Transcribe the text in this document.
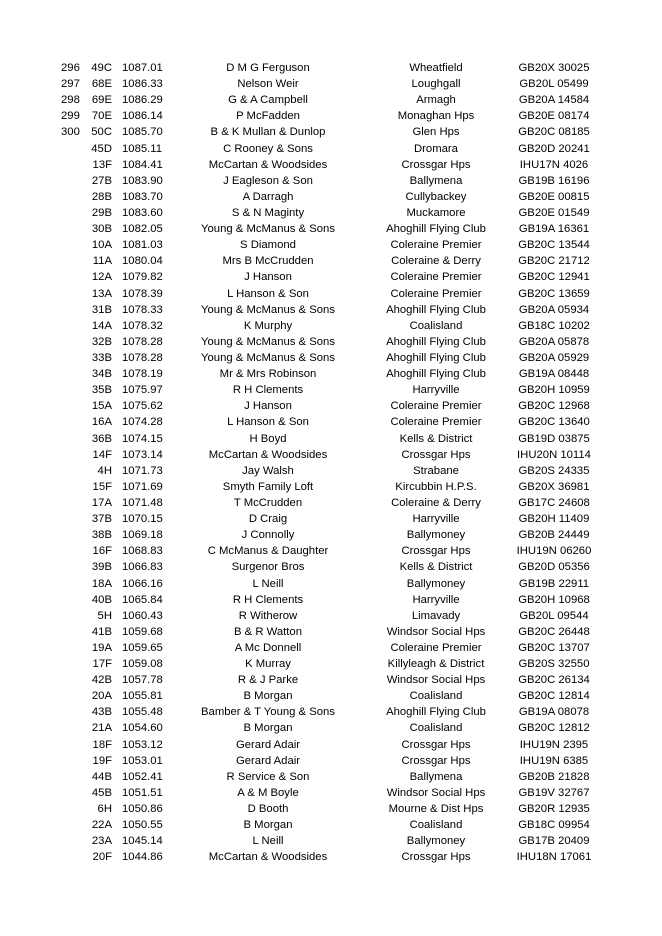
296 49C 1087.01	D M G Ferguson	Wheatfield	GB20X 30025
297 68E 1086.33	Nelson Weir	Loughgall	GB20L 05499
298 69E 1086.29	G & A Campbell	Armagh	GB20A 14584
299 70E 1086.14	P McFadden	Monaghan Hps	GB20E 08174
300 50C 1085.70	B & K Mullan & Dunlop	Glen Hps	GB20C 08185
45D 1085.11	C Rooney & Sons	Dromara	GB20D 20241
13F 1084.41	McCartan & Woodsides	Crossgar Hps	IHU17N 4026
27B 1083.90	J Eagleson & Son	Ballymena	GB19B 16196
28B 1083.70	A Darragh	Cullybackey	GB20E 00815
29B 1083.60	S & N Maginty	Muckamore	GB20E 01549
30B 1082.05	Young & McManus & Sons	Ahoghill Flying Club	GB19A 16361
10A 1081.03	S Diamond	Coleraine Premier	GB20C 13544
11A 1080.04	Mrs B McCrudden	Coleraine & Derry	GB20C 21712
12A 1079.82	J Hanson	Coleraine Premier	GB20C 12941
13A 1078.39	L Hanson & Son	Coleraine Premier	GB20C 13659
31B 1078.33	Young & McManus & Sons	Ahoghill Flying Club	GB20A 05934
14A 1078.32	K Murphy	Coalisland	GB18C 10202
32B 1078.28	Young & McManus & Sons	Ahoghill Flying Club	GB20A 05878
33B 1078.28	Young & McManus & Sons	Ahoghill Flying Club	GB20A 05929
34B 1078.19	Mr & Mrs Robinson	Ahoghill Flying Club	GB19A 08448
35B 1075.97	R H Clements	Harryville	GB20H 10959
15A 1075.62	J Hanson	Coleraine Premier	GB20C 12968
16A 1074.28	L Hanson & Son	Coleraine Premier	GB20C 13640
36B 1074.15	H Boyd	Kells & District	GB19D 03875
14F 1073.14	McCartan & Woodsides	Crossgar Hps	IHU20N 10114
4H 1071.73	Jay Walsh	Strabane	GB20S 24335
15F 1071.69	Smyth Family Loft	Kircubbin H.P.S.	GB20X 36981
17A 1071.48	T McCrudden	Coleraine & Derry	GB17C 24608
37B 1070.15	D Craig	Harryville	GB20H 11409
38B 1069.18	J Connolly	Ballymoney	GB20B 24449
16F 1068.83	C McManus & Daughter	Crossgar Hps	IHU19N 06260
39B 1066.83	Surgenor Bros	Kells & District	GB20D 05356
18A 1066.16	L Neill	Ballymoney	GB19B 22911
40B 1065.84	R H Clements	Harryville	GB20H 10968
5H 1060.43	R Witherow	Limavady	GB20L 09544
41B 1059.68	B & R Watton	Windsor Social Hps	GB20C 26448
19A 1059.65	A Mc Donnell	Coleraine Premier	GB20C 13707
17F 1059.08	K Murray	Killyleagh & District	GB20S 32550
42B 1057.78	R & J Parke	Windsor Social Hps	GB20C 26134
20A 1055.81	B Morgan	Coalisland	GB20C 12814
43B 1055.48	Bamber & T Young & Sons	Ahoghill Flying Club	GB19A 08078
21A 1054.60	B Morgan	Coalisland	GB20C 12812
18F 1053.12	Gerard Adair	Crossgar Hps	IHU19N 2395
19F 1053.01	Gerard Adair	Crossgar Hps	IHU19N 6385
44B 1052.41	R Service & Son	Ballymena	GB20B 21828
45B 1051.51	A & M Boyle	Windsor Social Hps	GB19V 32767
6H 1050.86	D Booth	Mourne & Dist Hps	GB20R 12935
22A 1050.55	B Morgan	Coalisland	GB18C 09954
23A 1045.14	L Neill	Ballymoney	GB17B 20409
20F 1044.86	McCartan & Woodsides	Crossgar Hps	IHU18N 17061
